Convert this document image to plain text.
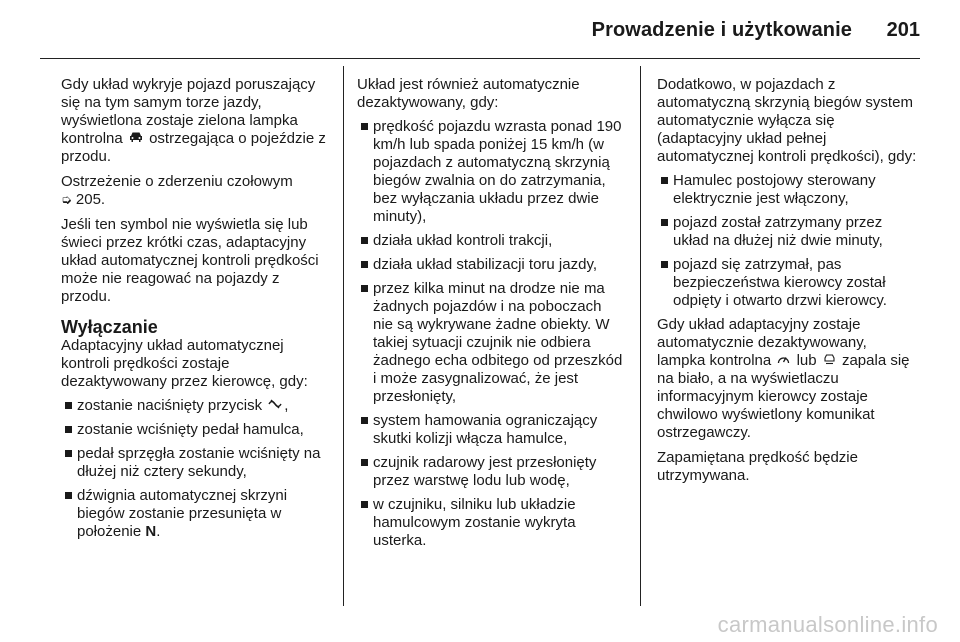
Prowadzenie i użytkowanie 201

Gdy układ wykryje pojazd poruszający się na tym samym torze jazdy, wyświetlona zostaje zielona lampka kontrolna ostrzegająca o pojeździe z przodu.

Ostrzeżenie o zderzeniu czołowym
➭ 205.

Jeśli ten symbol nie wyświetla się lub świeci przez krótki czas, adaptacyjny układ automatycznej kontroli prędkości może nie reagować na pojazdy z przodu.

Wyłączanie

Adaptacyjny układ automatycznej kontroli prędkości zostaje dezaktywowany przez kierowcę, gdy:

zostanie naciśnięty przycisk ,
zostanie wciśnięty pedał hamulca,
pedał sprzęgła zostanie wciśnięty na dłużej niż cztery sekundy,
dźwignia automatycznej skrzyni biegów zostanie przesunięta w położenie N.

Układ jest również automatycznie dezaktywowany, gdy:

prędkość pojazdu wzrasta ponad 190 km/h lub spada poniżej 15 km/h (w pojazdach z automatyczną skrzynią biegów zwalnia on do zatrzymania, bez wyłączania układu przez dwie minuty),
działa układ kontroli trakcji,
działa układ stabilizacji toru jazdy,
przez kilka minut na drodze nie ma żadnych pojazdów i na poboczach nie są wykrywane żadne obiekty. W takiej sytuacji czujnik nie odbiera żadnego echa odbitego od przeszkód i może zasygnalizować, że jest przesłonięty,
system hamowania ograniczający skutki kolizji włącza hamulce,
czujnik radarowy jest przesłonięty przez warstwę lodu lub wodę,
w czujniku, silniku lub układzie hamulcowym zostanie wykryta usterka.

Dodatkowo, w pojazdach z automatyczną skrzynią biegów system automatycznie wyłącza się (adaptacyjny układ pełnej automatycznej kontroli prędkości), gdy:

Hamulec postojowy sterowany elektrycznie jest włączony,
pojazd został zatrzymany przez układ na dłużej niż dwie minuty,
pojazd się zatrzymał, pas bezpieczeństwa kierowcy został odpięty i otwarto drzwi kierowcy.

Gdy układ adaptacyjny zostaje automatycznie dezaktywowany, lampka kontrolna lub zapala się na biało, a na wyświetlaczu informacyjnym kierowcy zostaje chwilowo wyświetlony komunikat ostrzegawczy.

Zapamiętana prędkość będzie utrzymywana.

carmanualsonline.info
